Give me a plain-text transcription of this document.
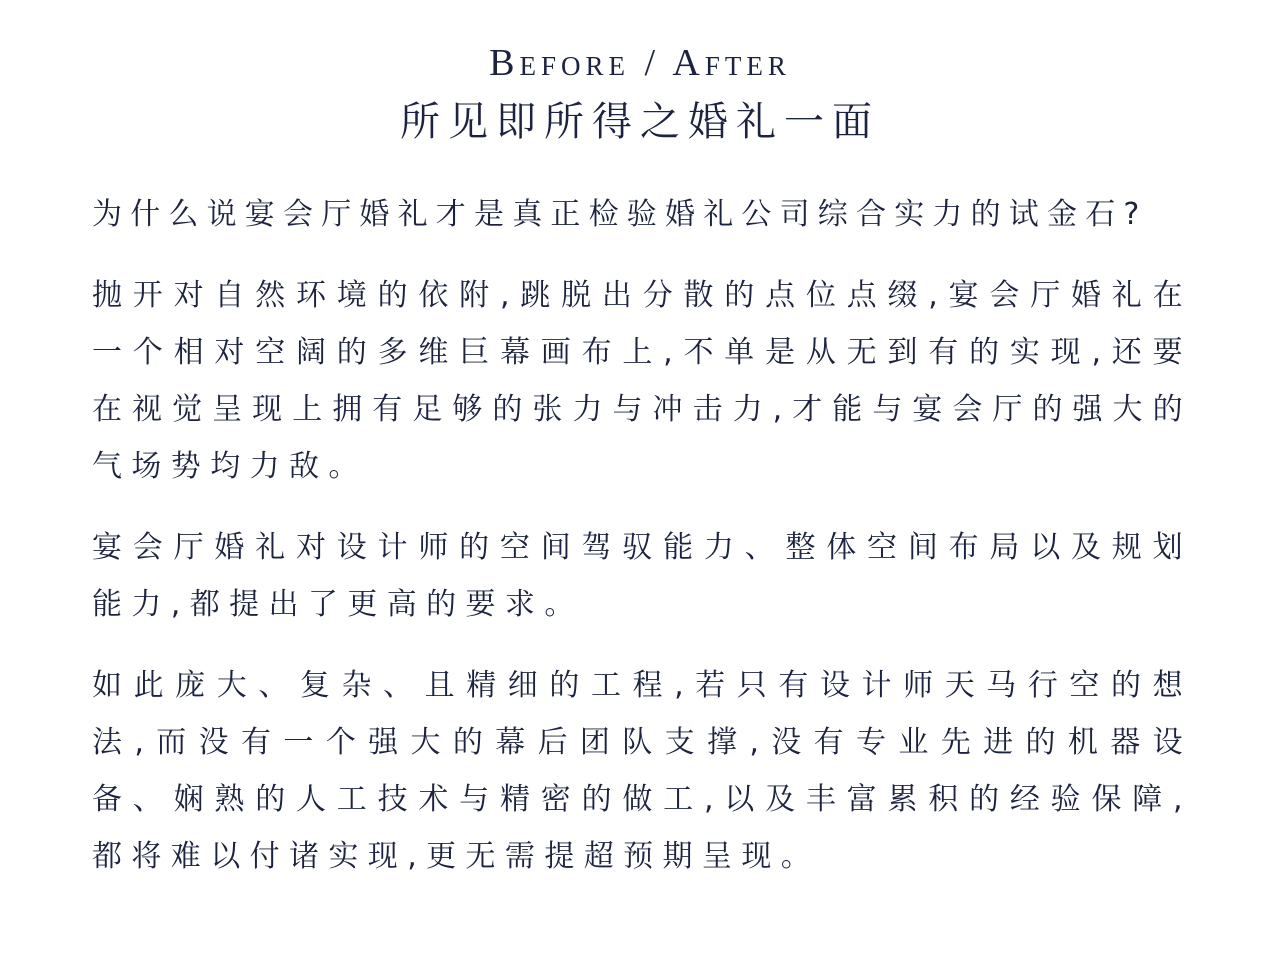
Before / After
所见即所得之婚礼一面

为什么说宴会厅婚礼才是真正检验婚礼公司综合实力的试金石?

抛开对自然环境的依附,跳脱出分散的点位点缀,宴会厅婚礼在一个相对空阔的多维巨幕画布上,不单是从无到有的实现,还要在视觉呈现上拥有足够的张力与冲击力,才能与宴会厅的强大的气场势均力敌。

宴会厅婚礼对设计师的空间驾驭能力、整体空间布局以及规划能力,都提出了更高的要求。

如此庞大、复杂、且精细的工程,若只有设计师天马行空的想法,而没有一个强大的幕后团队支撑,没有专业先进的机器设备、娴熟的人工技术与精密的做工,以及丰富累积的经验保障,都将难以付诸实现,更无需提超预期呈现。
